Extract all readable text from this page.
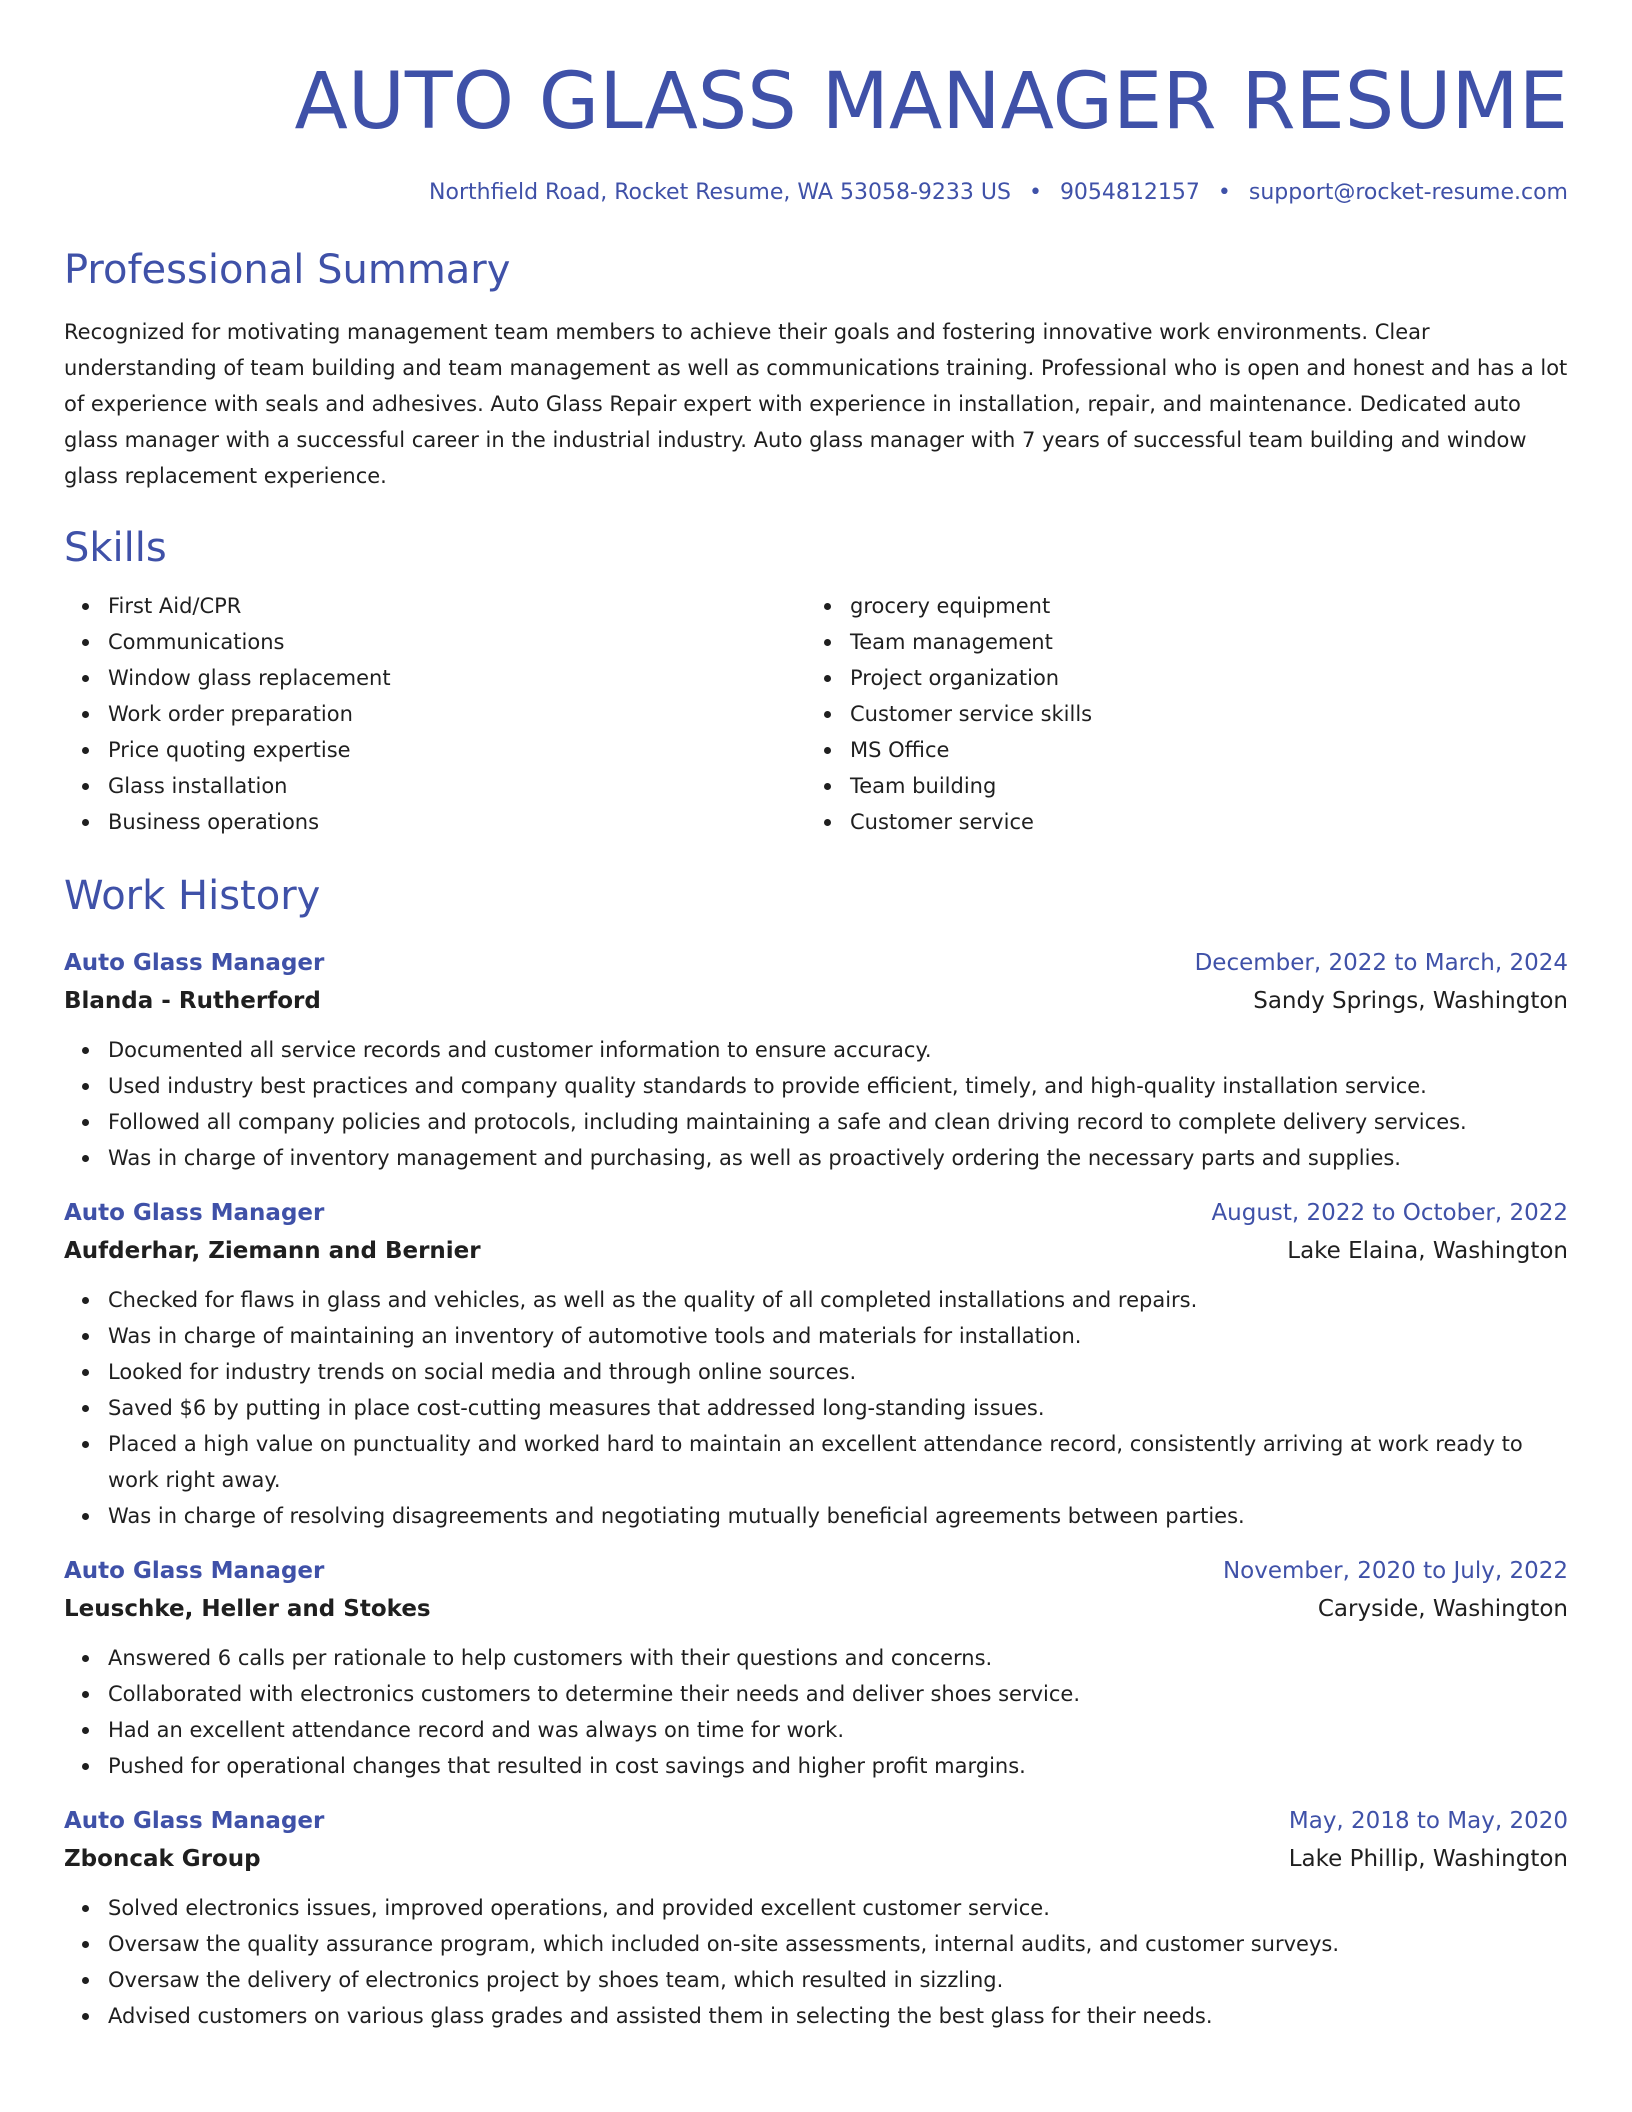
AUTO GLASS MANAGER RESUME
Northfield Road, Rocket Resume, WA 53058-9233 US • 9054812157 • support@rocket-resume.com
Professional Summary

Recognized for motivating management team members to achieve their goals and fostering innovative work environments. Clear understanding of team building and team management as well as communications training. Professional who is open and honest and has a lot of experience with seals and adhesives. Auto Glass Repair expert with experience in installation, repair, and maintenance. Dedicated auto glass manager with a successful career in the industrial industry. Auto glass manager with 7 years of successful team building and window glass replacement experience.

Skills
First Aid/CPR
Communications
Window glass replacement
Work order preparation
Price quoting expertise
Glass installation
Business operations
grocery equipment
Team management
Project organization
Customer service skills
MS Office
Team building
Customer service
Work History
Auto Glass Manager	December, 2022 to March, 2024
Blanda - Rutherford	Sandy Springs, Washington
Documented all service records and customer information to ensure accuracy.
Used industry best practices and company quality standards to provide efficient, timely, and high-quality installation service.
Followed all company policies and protocols, including maintaining a safe and clean driving record to complete delivery services.
Was in charge of inventory management and purchasing, as well as proactively ordering the necessary parts and supplies.
Auto Glass Manager	August, 2022 to October, 2022
Aufderhar, Ziemann and Bernier	Lake Elaina, Washington
Checked for flaws in glass and vehicles, as well as the quality of all completed installations and repairs.
Was in charge of maintaining an inventory of automotive tools and materials for installation.
Looked for industry trends on social media and through online sources.
Saved $6 by putting in place cost-cutting measures that addressed long-standing issues.
Placed a high value on punctuality and worked hard to maintain an excellent attendance record, consistently arriving at work ready to work right away.
Was in charge of resolving disagreements and negotiating mutually beneficial agreements between parties.
Auto Glass Manager	November, 2020 to July, 2022
Leuschke, Heller and Stokes	Caryside, Washington
Answered 6 calls per rationale to help customers with their questions and concerns.
Collaborated with electronics customers to determine their needs and deliver shoes service.
Had an excellent attendance record and was always on time for work.
Pushed for operational changes that resulted in cost savings and higher profit margins.
Auto Glass Manager	May, 2018 to May, 2020
Zboncak Group	Lake Phillip, Washington
Solved electronics issues, improved operations, and provided excellent customer service.
Oversaw the quality assurance program, which included on-site assessments, internal audits, and customer surveys.
Oversaw the delivery of electronics project by shoes team, which resulted in sizzling.
Advised customers on various glass grades and assisted them in selecting the best glass for their needs.
